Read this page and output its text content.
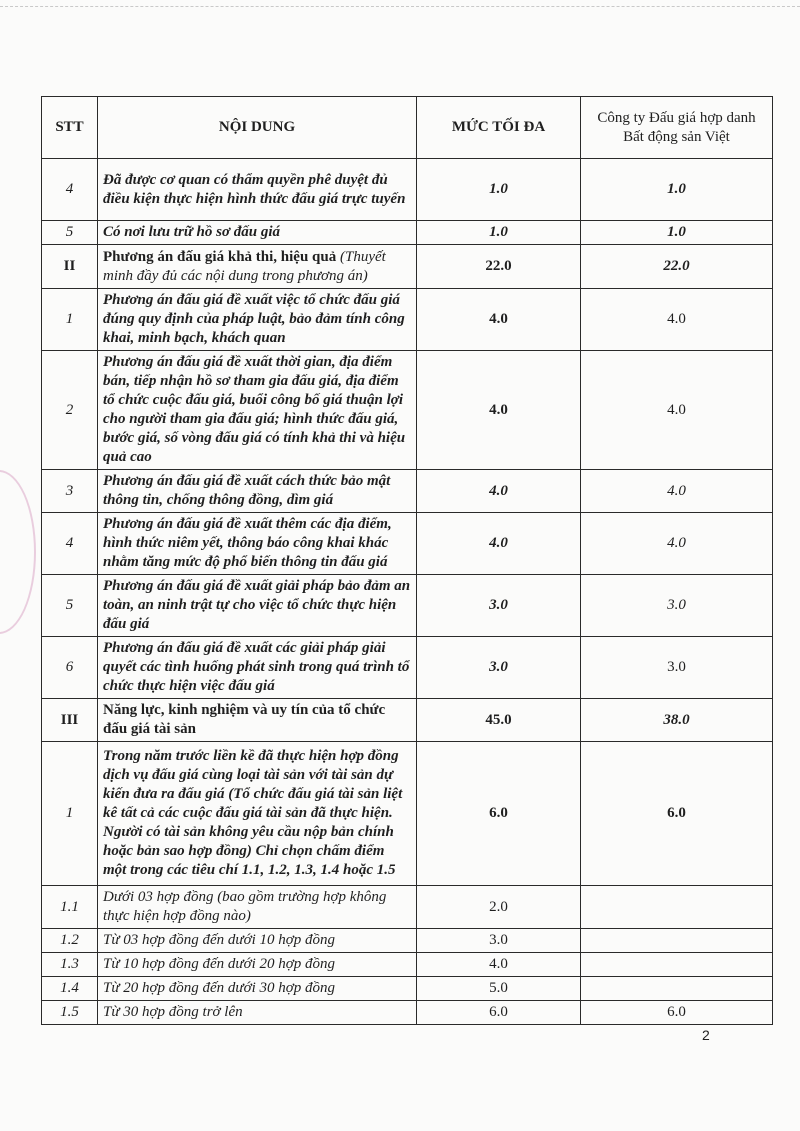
STT	NỘI DUNG	MỨC TỐI ĐA	Công ty Đấu giá hợp danh Bất động sản Việt
4	Đã được cơ quan có thẩm quyền phê duyệt đủ điều kiện thực hiện hình thức đấu giá trực tuyến	1.0	1.0
5	Có nơi lưu trữ hồ sơ đấu giá	1.0	1.0
II	Phương án đấu giá khả thi, hiệu quả (Thuyết minh đầy đủ các nội dung trong phương án)	22.0	22.0
1	Phương án đấu giá đề xuất việc tổ chức đấu giá đúng quy định của pháp luật, bảo đảm tính công khai, minh bạch, khách quan	4.0	4.0
2	Phương án đấu giá đề xuất thời gian, địa điểm bán, tiếp nhận hồ sơ tham gia đấu giá, địa điểm tổ chức cuộc đấu giá, buổi công bố giá thuận lợi cho người tham gia đấu giá; hình thức đấu giá, bước giá, số vòng đấu giá có tính khả thi và hiệu quả cao	4.0	4.0
3	Phương án đấu giá đề xuất cách thức bảo mật thông tin, chống thông đồng, dìm giá	4.0	4.0
4	Phương án đấu giá đề xuất thêm các địa điểm, hình thức niêm yết, thông báo công khai khác nhằm tăng mức độ phổ biến thông tin đấu giá	4.0	4.0
5	Phương án đấu giá đề xuất giải pháp bảo đảm an toàn, an ninh trật tự cho việc tổ chức thực hiện đấu giá	3.0	3.0
6	Phương án đấu giá đề xuất các giải pháp giải quyết các tình huống phát sinh trong quá trình tổ chức thực hiện việc đấu giá	3.0	3.0
III	Năng lực, kinh nghiệm và uy tín của tổ chức đấu giá tài sản	45.0	38.0
1	Trong năm trước liền kề đã thực hiện hợp đồng dịch vụ đấu giá cùng loại tài sản với tài sản dự kiến đưa ra đấu giá (Tổ chức đấu giá tài sản liệt kê tất cả các cuộc đấu giá tài sản đã thực hiện. Người có tài sản không yêu cầu nộp bản chính hoặc bản sao hợp đồng) Chỉ chọn chấm điểm một trong các tiêu chí 1.1, 1.2, 1.3, 1.4 hoặc 1.5	6.0	6.0
1.1	Dưới 03 hợp đồng (bao gồm trường hợp không thực hiện hợp đồng nào)	2.0	
1.2	Từ 03 hợp đồng đến dưới 10 hợp đồng	3.0	
1.3	Từ 10 hợp đồng đến dưới 20 hợp đồng	4.0	
1.4	Từ 20 hợp đồng đến dưới 30 hợp đồng	5.0	
1.5	Từ 30 hợp đồng trở lên	6.0	6.0
2
